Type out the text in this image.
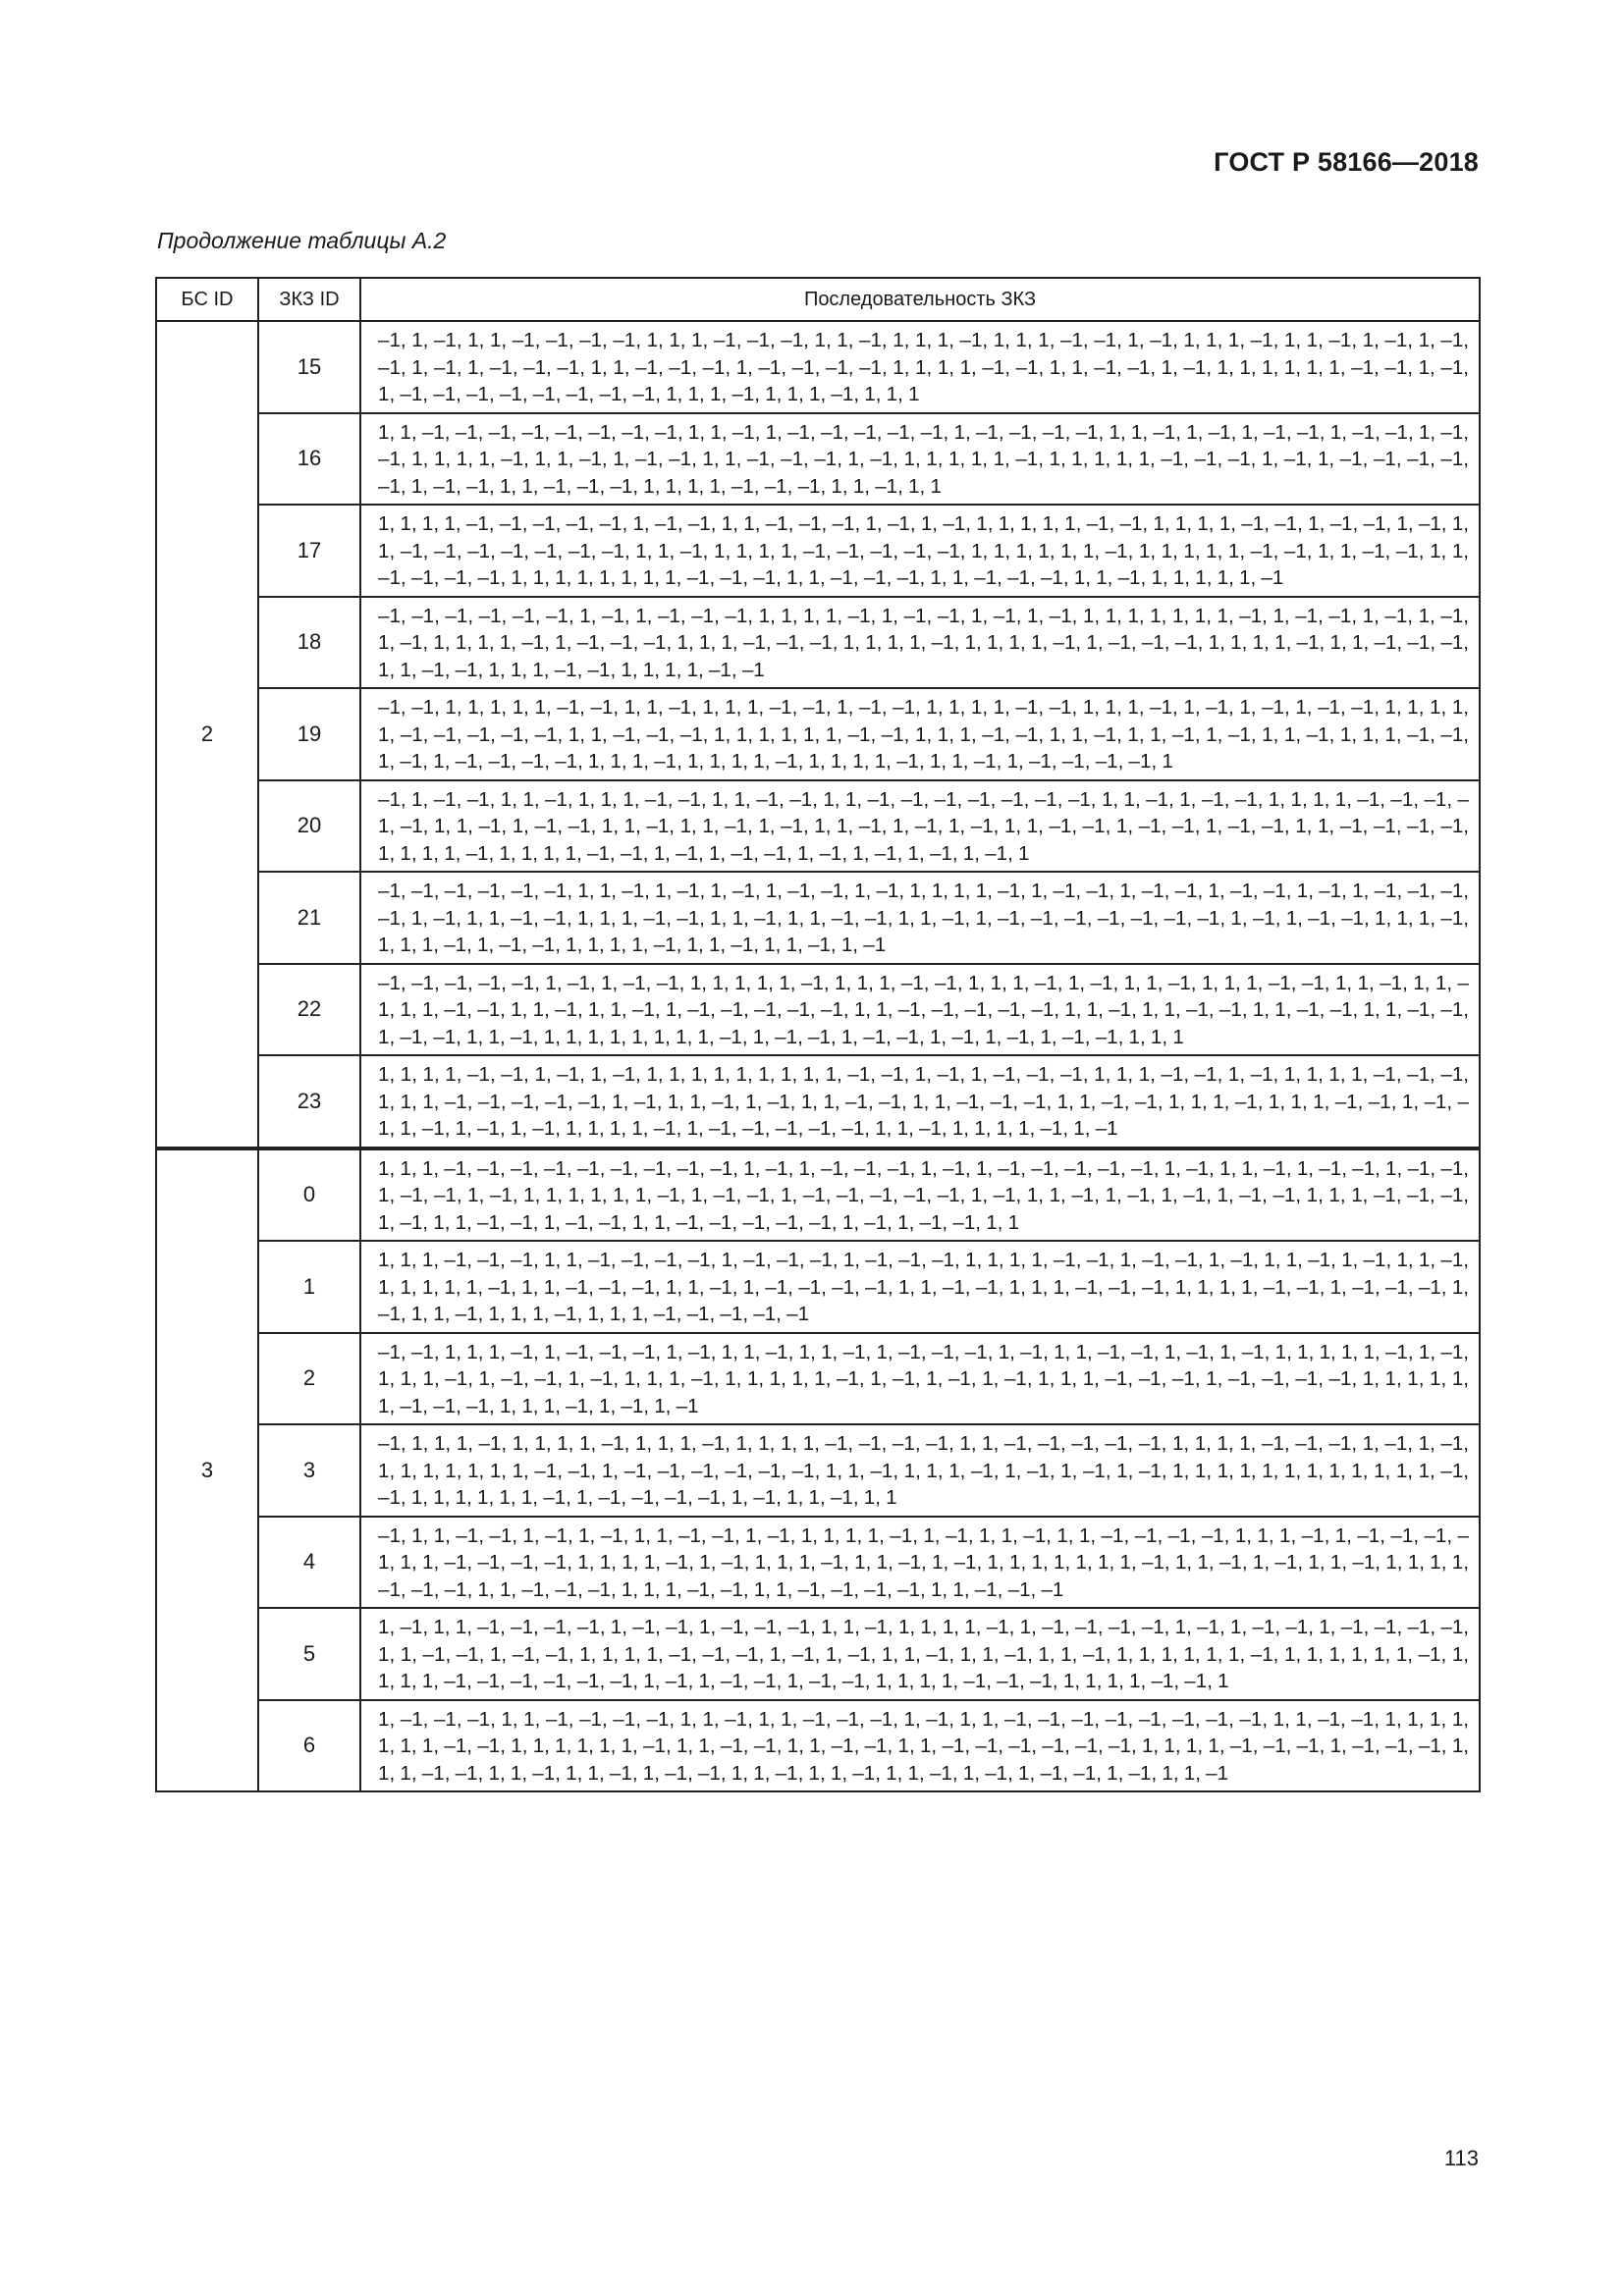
ГОСТ Р 58166—2018
Продолжение таблицы А.2
БС ID	ЗКЗ ID	Последовательность ЗКЗ
2	15	–1, 1, –1, 1, 1, –1, –1, –1, –1, 1, 1, 1, –1, –1, –1, 1, 1, –1, 1, 1, 1, –1, 1, 1, 1, –1, –1, 1, –1, 1, 1, 1, –1, 1, 1, –1, 1, –1, 1, –1, –1, 1, –1, 1, –1, –1, –1, 1, 1, –1, –1, –1, 1, –1, –1, –1, –1, 1, 1, 1, 1, –1, –1, 1, 1, –1, –1, 1, –1, 1, 1, 1, 1, 1, 1, –1, –1, 1, –1, 1, –1, –1, –1, –1, –1, –1, –1, –1, 1, 1, 1, –1, 1, 1, 1, –1, 1, 1, 1

	16	1, 1, –1, –1, –1, –1, –1, –1, –1, –1, 1, 1, –1, 1, –1, –1, –1, –1, –1, 1, –1, –1, –1, –1, 1, 1, –1, 1, –1, 1, –1, –1, 1, –1, –1, 1, –1, –1, 1, 1, 1, 1, –1, 1, 1, –1, 1, –1, –1, 1, 1, –1, –1, –1, 1, –1, 1, 1, 1, 1, 1, –1, 1, 1, 1, 1, 1, –1, –1, –1, 1, –1, 1, –1, –1, –1, –1, –1, 1, –1, –1, 1, 1, –1, –1, –1, 1, 1, 1, 1, –1, –1, –1, 1, 1, –1, 1, 1

	17	1, 1, 1, 1, –1, –1, –1, –1, –1, 1, –1, –1, 1, 1, –1, –1, –1, 1, –1, 1, –1, 1, 1, 1, 1, 1, –1, –1, 1, 1, 1, 1, –1, –1, 1, –1, –1, 1, –1, 1, 1, –1, –1, –1, –1, –1, –1, –1, 1, 1, –1, 1, 1, 1, 1, –1, –1, –1, –1, –1, 1, 1, 1, 1, 1, 1, –1, 1, 1, 1, 1, 1, –1, –1, 1, 1, –1, –1, 1, 1, –1, –1, –1, –1, 1, 1, 1, 1, 1, 1, 1, 1, –1, –1, –1, 1, 1, –1, –1, –1, 1, 1, –1, –1, –1, 1, 1, –1, 1, 1, 1, 1, 1, –1

	18	–1, –1, –1, –1, –1, –1, 1, –1, 1, –1, –1, –1, 1, 1, 1, 1, –1, 1, –1, –1, 1, –1, 1, –1, 1, 1, 1, 1, 1, 1, 1, –1, 1, –1, –1, 1, –1, 1, –1, 1, –1, 1, 1, 1, 1, –1, 1, –1, –1, –1, 1, 1, 1, –1, –1, –1, 1, 1, 1, 1, –1, 1, 1, 1, 1, –1, 1, –1, –1, –1, 1, 1, 1, 1, –1, 1, 1, –1, –1, –1, 1, 1, –1, –1, 1, 1, 1, –1, –1, 1, 1, 1, 1, –1, –1

	19	–1, –1, 1, 1, 1, 1, 1, –1, –1, 1, 1, –1, 1, 1, 1, –1, –1, 1, –1, –1, 1, 1, 1, 1, –1, –1, 1, 1, 1, –1, 1, –1, 1, –1, 1, –1, –1, 1, 1, 1, 1, 1, –1, –1, –1, –1, –1, 1, 1, –1, –1, –1, 1, 1, 1, 1, 1, 1, –1, –1, 1, 1, 1, –1, –1, 1, 1, –1, 1, 1, –1, 1, –1, 1, 1, –1, 1, 1, 1, –1, –1, 1, –1, 1, –1, –1, –1, –1, 1, 1, 1, –1, 1, 1, 1, 1, –1, 1, 1, 1, 1, –1, 1, 1, –1, 1, –1, –1, –1, –1, 1

	20	–1, 1, –1, –1, 1, 1, –1, 1, 1, 1, –1, –1, 1, 1, –1, –1, 1, 1, –1, –1, –1, –1, –1, –1, –1, 1, 1, –1, 1, –1, –1, 1, 1, 1, 1, –1, –1, –1, –1, –1, 1, 1, –1, 1, –1, –1, 1, 1, –1, 1, 1, –1, 1, –1, 1, 1, –1, 1, –1, 1, –1, 1, 1, –1, –1, 1, –1, –1, 1, –1, –1, 1, 1, –1, –1, –1, –1, 1, 1, 1, 1, –1, 1, 1, 1, 1, –1, –1, 1, –1, 1, –1, –1, 1, –1, 1, –1, 1, –1, 1, –1, 1

	21	–1, –1, –1, –1, –1, –1, 1, 1, –1, 1, –1, 1, –1, 1, –1, –1, 1, –1, 1, 1, 1, 1, –1, 1, –1, –1, 1, –1, –1, 1, –1, –1, 1, –1, 1, –1, –1, –1, –1, 1, –1, 1, 1, –1, –1, 1, 1, 1, –1, –1, 1, 1, –1, 1, 1, –1, –1, 1, 1, –1, 1, –1, –1, –1, –1, –1, –1, –1, 1, –1, 1, –1, –1, 1, 1, 1, –1, 1, 1, 1, –1, 1, –1, –1, 1, 1, 1, 1, –1, 1, 1, –1, 1, 1, –1, 1, –1

	22	–1, –1, –1, –1, –1, 1, –1, 1, –1, –1, 1, 1, 1, 1, 1, –1, 1, 1, 1, –1, –1, 1, 1, 1, –1, 1, –1, 1, 1, –1, 1, 1, 1, –1, –1, 1, 1, –1, 1, 1, –1, 1, 1, –1, –1, 1, 1, –1, 1, 1, –1, 1, –1, –1, –1, –1, –1, 1, 1, –1, –1, –1, –1, –1, 1, 1, –1, 1, 1, –1, –1, 1, 1, –1, –1, 1, 1, –1, –1, 1, –1, –1, 1, 1, –1, 1, 1, 1, 1, 1, 1, 1, 1, –1, 1, –1, –1, 1, –1, –1, 1, –1, 1, –1, 1, –1, –1, 1, 1, 1

	23	1, 1, 1, 1, –1, –1, 1, –1, 1, –1, 1, 1, 1, 1, 1, 1, 1, 1, 1, –1, –1, 1, –1, 1, –1, –1, –1, 1, 1, 1, –1, –1, 1, –1, 1, 1, 1, 1, –1, –1, –1, 1, 1, 1, –1, –1, –1, –1, –1, 1, –1, 1, 1, –1, 1, –1, 1, 1, –1, –1, 1, 1, –1, –1, –1, 1, 1, –1, –1, 1, 1, 1, –1, 1, 1, 1, –1, –1, 1, –1, –1, 1, –1, 1, –1, 1, –1, 1, 1, 1, 1, –1, 1, –1, –1, –1, –1, –1, 1, 1, –1, 1, 1, 1, 1, –1, 1, –1

3	0	1, 1, 1, –1, –1, –1, –1, –1, –1, –1, –1, –1, 1, –1, 1, –1, –1, –1, 1, –1, 1, –1, –1, –1, –1, –1, 1, –1, 1, 1, –1, 1, –1, –1, 1, –1, –1, 1, –1, –1, 1, –1, 1, 1, 1, 1, 1, 1, –1, 1, –1, –1, 1, –1, –1, –1, –1, –1, 1, –1, 1, 1, –1, 1, –1, 1, –1, 1, –1, –1, 1, 1, 1, –1, –1, –1, 1, –1, 1, 1, –1, –1, 1, –1, –1, 1, 1, –1, –1, –1, –1, –1, 1, –1, 1, –1, –1, 1, 1

	1	1, 1, 1, –1, –1, –1, 1, 1, –1, –1, –1, –1, 1, –1, –1, –1, 1, –1, –1, –1, 1, 1, 1, 1, –1, –1, 1, –1, –1, 1, –1, 1, 1, –1, 1, –1, 1, 1, –1, 1, 1, 1, 1, 1, –1, 1, 1, –1, –1, –1, 1, 1, –1, 1, –1, –1, –1, –1, 1, 1, –1, –1, 1, 1, 1, –1, –1, –1, 1, 1, 1, 1, –1, –1, 1, –1, –1, –1, 1, –1, 1, 1, –1, 1, 1, 1, –1, 1, 1, 1, –1, –1, –1, –1, –1

	2	–1, –1, 1, 1, 1, –1, 1, –1, –1, –1, 1, –1, 1, 1, –1, 1, 1, –1, 1, –1, –1, –1, 1, –1, 1, 1, –1, –1, 1, –1, 1, –1, 1, 1, 1, 1, 1, –1, 1, –1, 1, 1, 1, –1, 1, –1, –1, 1, –1, 1, 1, 1, –1, 1, 1, 1, 1, 1, –1, 1, –1, 1, –1, 1, –1, 1, 1, 1, –1, –1, –1, 1, –1, –1, –1, –1, 1, 1, 1, 1, 1, 1, –1, –1, –1, 1, 1, 1, –1, 1, –1, 1, –1

	3	–1, 1, 1, 1, –1, 1, 1, 1, 1, –1, 1, 1, 1, –1, 1, 1, 1, 1, –1, –1, –1, –1, 1, 1, –1, –1, –1, –1, –1, 1, 1, 1, 1, –1, –1, –1, 1, –1, 1, –1, 1, 1, 1, 1, 1, 1, 1, –1, –1, 1, –1, –1, –1, –1, –1, –1, 1, 1, –1, 1, 1, 1, –1, 1, –1, 1, –1, 1, –1, 1, 1, 1, 1, 1, 1, 1, 1, 1, 1, 1, 1, –1, –1, 1, 1, 1, 1, 1, 1, –1, 1, –1, –1, –1, –1, 1, –1, 1, 1, –1, 1, 1

	4	–1, 1, 1, –1, –1, 1, –1, 1, –1, 1, 1, –1, –1, 1, –1, 1, 1, 1, 1, –1, 1, –1, 1, 1, –1, 1, 1, –1, –1, –1, –1, 1, 1, 1, –1, 1, –1, –1, –1, –1, 1, 1, –1, –1, –1, –1, 1, 1, 1, 1, –1, 1, –1, 1, 1, 1, –1, 1, 1, –1, 1, –1, 1, 1, 1, 1, 1, 1, 1, –1, 1, 1, –1, 1, –1, 1, 1, –1, 1, 1, 1, 1, –1, –1, –1, 1, 1, –1, –1, –1, 1, 1, 1, –1, –1, 1, 1, –1, –1, –1, –1, 1, 1, –1, –1, –1

	5	1, –1, 1, 1, –1, –1, –1, –1, 1, –1, –1, 1, –1, –1, –1, 1, 1, –1, 1, 1, 1, 1, –1, 1, –1, –1, –1, –1, 1, –1, 1, –1, –1, 1, –1, –1, –1, –1, 1, 1, –1, –1, 1, –1, –1, 1, 1, 1, 1, –1, –1, –1, 1, –1, 1, –1, 1, 1, –1, 1, 1, –1, 1, 1, –1, 1, 1, 1, 1, 1, 1, –1, 1, 1, 1, 1, 1, 1, –1, 1, 1, 1, 1, –1, –1, –1, –1, –1, –1, 1, –1, 1, –1, –1, 1, –1, –1, 1, 1, 1, 1, –1, –1, –1, 1, 1, 1, 1, –1, –1, 1

	6	1, –1, –1, –1, 1, 1, –1, –1, –1, –1, 1, 1, –1, 1, 1, –1, –1, –1, 1, –1, 1, 1, –1, –1, –1, –1, –1, –1, –1, –1, 1, 1, –1, –1, 1, 1, 1, 1, 1, 1, 1, –1, –1, 1, 1, 1, 1, 1, 1, –1, 1, 1, –1, –1, 1, 1, –1, –1, 1, 1, –1, –1, –1, –1, –1, –1, 1, 1, 1, 1, –1, –1, –1, 1, –1, –1, –1, 1, 1, 1, –1, –1, 1, 1, –1, 1, 1, –1, 1, –1, –1, 1, 1, –1, 1, 1, –1, 1, 1, –1, 1, –1, 1, –1, –1, 1, –1, 1, 1, –1
113
